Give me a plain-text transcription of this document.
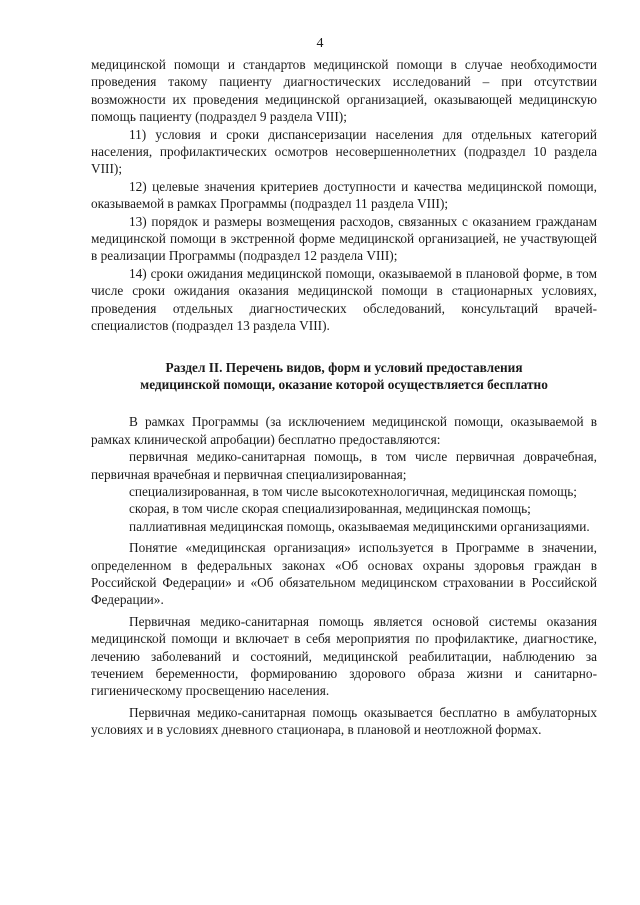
4

медицинской помощи и стандартов медицинской помощи в случае необходимости проведения такому пациенту диагностических исследований – при отсутствии возможности их проведения медицинской организацией, оказывающей медицинскую помощь пациенту (подраздел 9 раздела VIII);

11) условия и сроки диспансеризации населения для отдельных категорий населения, профилактических осмотров несовершеннолетних (подраздел 10 раздела VIII);

12) целевые значения критериев доступности и качества медицинской помощи, оказываемой в рамках Программы (подраздел 11 раздела VIII);

13) порядок и размеры возмещения расходов, связанных с оказанием гражданам медицинской помощи в экстренной форме медицинской организацией, не участвующей в реализации Программы (подраздел 12 раздела VIII);

14) сроки ожидания медицинской помощи, оказываемой в плановой форме, в том числе сроки ожидания оказания медицинской помощи в стационарных условиях, проведения отдельных диагностических обследований, консультаций врачей-специалистов (подраздел 13 раздела VIII).

Раздел II. Перечень видов, форм и условий предоставления
медицинской помощи, оказание которой осуществляется бесплатно

В рамках Программы (за исключением медицинской помощи, оказываемой в рамках клинической апробации) бесплатно предоставляются:

первичная медико-санитарная помощь, в том числе первичная доврачебная, первичная врачебная и первичная специализированная;

специализированная, в том числе высокотехнологичная, медицинская помощь;

скорая, в том числе скорая специализированная, медицинская помощь;

паллиативная медицинская помощь, оказываемая медицинскими организациями.

Понятие «медицинская организация» используется в Программе в значении, определенном в федеральных законах «Об основах охраны здоровья граждан в Российской Федерации» и «Об обязательном медицинском страховании в Российской Федерации».

Первичная медико-санитарная помощь является основой системы оказания медицинской помощи и включает в себя мероприятия по профилактике, диагностике, лечению заболеваний и состояний, медицинской реабилитации, наблюдению за течением беременности, формированию здорового образа жизни и санитарно-гигиеническому просвещению населения.

Первичная медико-санитарная помощь оказывается бесплатно в амбулаторных условиях и в условиях дневного стационара, в плановой и неотложной формах.
